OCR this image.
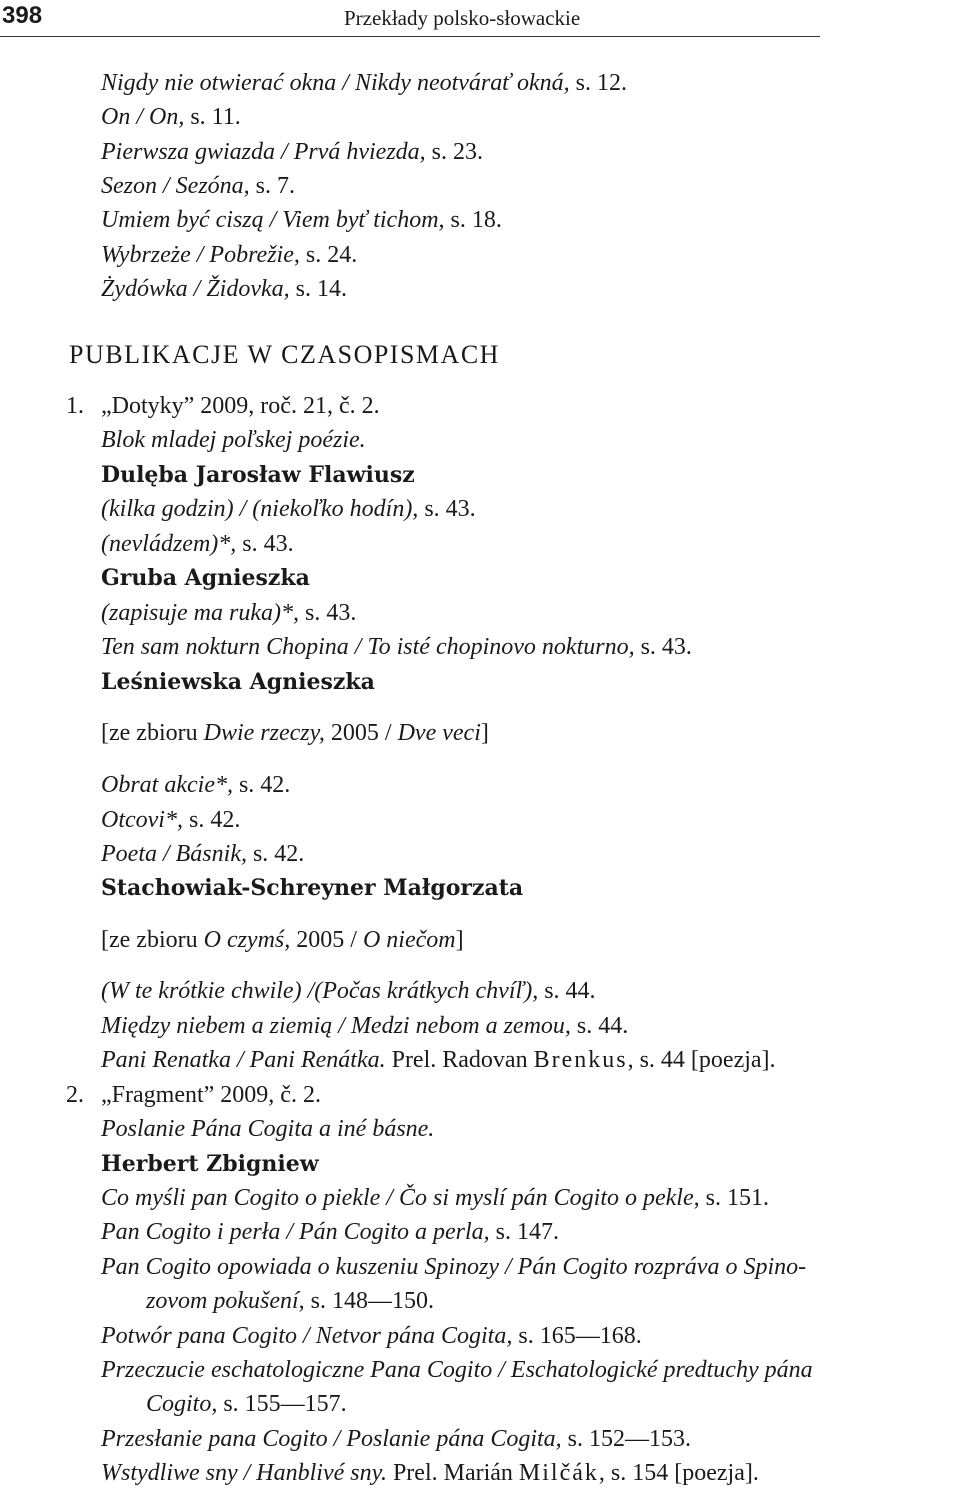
398	Przekłady polsko-słowackie
Nigdy nie otwierać okna / Nikdy neotvárať okná, s. 12.
On / On, s. 11.
Pierwsza gwiazda / Prvá hviezda, s. 23.
Sezon / Sezóna, s. 7.
Umiem być ciszą / Viem byť tichom, s. 18.
Wybrzeże / Pobrežie, s. 24.
Żydówka / Židovka, s. 14.
PUBLIKACJE W CZASOPISMACH
1. „Dotyky” 2009, roč. 21, č. 2.
Blok mladej poľskej poézie.
Dulęba Jarosław Flawiusz
(kilka godzin) / (niekoľko hodín), s. 43.
(nevládzem)*, s. 43.
Gruba Agnieszka
(zapisuje ma ruka)*, s. 43.
Ten sam nokturn Chopina / To isté chopinovo nokturno, s. 43.
Leśniewska Agnieszka
[ze zbioru Dwie rzeczy, 2005 / Dve veci]
Obrat akcie*, s. 42.
Otcovi*, s. 42.
Poeta / Básnik, s. 42.
Stachowiak-Schreyner Małgorzata
[ze zbioru O czymś, 2005 / O niečom]
(W te krótkie chwile) /(Počas krátkych chvíľ), s. 44.
Między niebem a ziemią / Medzi nebom a zemou, s. 44.
Pani Renatka / Pani Renátka. Prel. Radovan Brenkus, s. 44 [poezja].
2. „Fragment” 2009, č. 2.
Poslanie Pána Cogita a iné básne.
Herbert Zbigniew
Co myśli pan Cogito o piekle / Čo si myslí pán Cogito o pekle, s. 151.
Pan Cogito i perła / Pán Cogito a perla, s. 147.
Pan Cogito opowiada o kuszeniu Spinozy / Pán Cogito rozpráva o Spino-
zovom pokušení, s. 148—150.
Potwór pana Cogito / Netvor pána Cogita, s. 165—168.
Przeczucie eschatologiczne Pana Cogito / Eschatologické predtuchy pána
Cogito, s. 155—157.
Przesłanie pana Cogito / Poslanie pána Cogita, s. 152—153.
Wstydliwe sny / Hanblivé sny. Prel. Marián Milčák, s. 154 [poezja].
